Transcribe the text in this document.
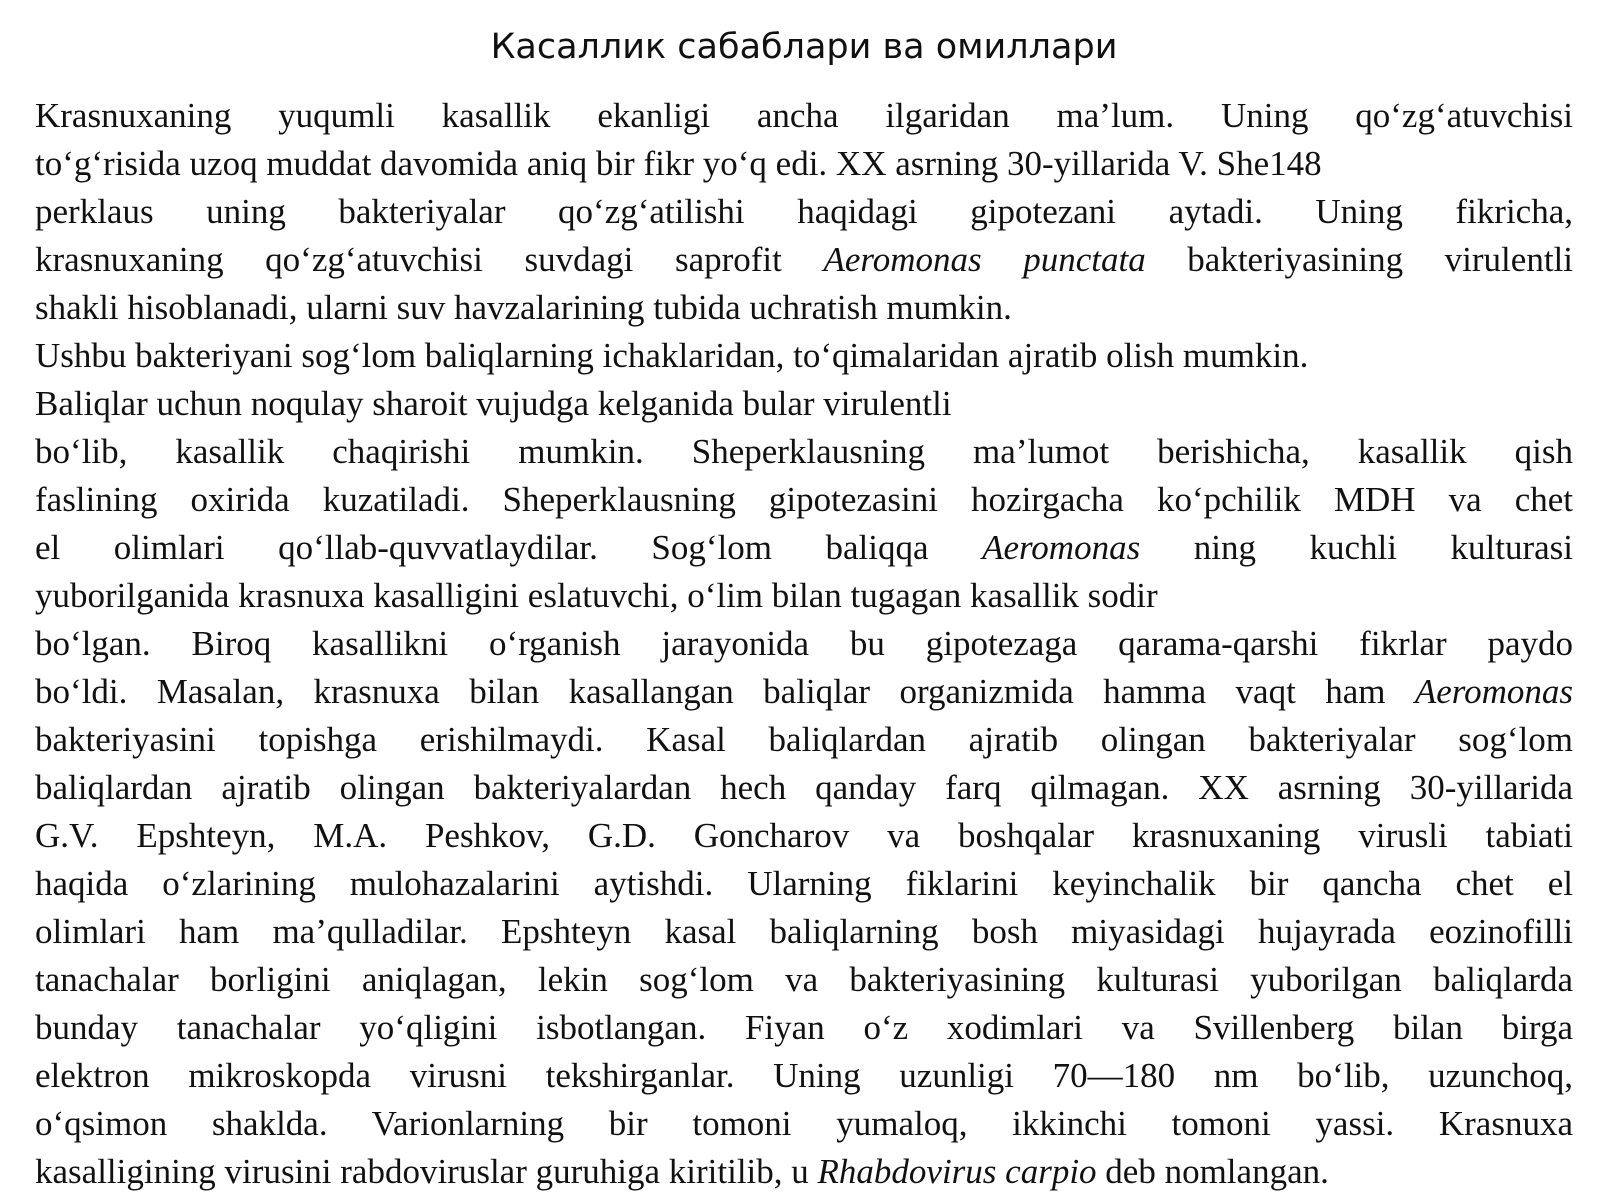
Касаллик сабаблари ва омиллари
Krasnuxaning yuqumli kasallik ekanligi ancha ilgaridan ma’lum. Uning qo‘zg‘atuvchisi
to‘g‘risida uzoq muddat davomida aniq bir fikr yo‘q edi. XX asrning 30-yillarida V. She148
perklaus uning bakteriyalar qo‘zg‘atilishi haqidagi gipotezani aytadi. Uning fikricha,
krasnuxaning qo‘zg‘atuvchisi suvdagi saprofit Aeromonas punctata bakteriyasining virulentli
shakli hisoblanadi, ularni suv havzalarining tubida uchratish mumkin.
Ushbu bakteriyani sog‘lom baliqlarning ichaklaridan, to‘qimalaridan ajratib olish mumkin.
Baliqlar uchun noqulay sharoit vujudga kelganida bular virulentli
bo‘lib, kasallik chaqirishi mumkin. Sheperklausning ma’lumot berishicha, kasallik qish
faslining oxirida kuzatiladi. Sheperklausning gipotezasini hozirgacha ko‘pchilik MDH va chet
el olimlari qo‘llab-quvvatlaydilar. Sog‘lom baliqqa Aeromonas ning kuchli kulturasi
yuborilganida krasnuxa kasalligini eslatuvchi, o‘lim bilan tugagan kasallik sodir
bo‘lgan. Biroq kasallikni o‘rganish jarayonida bu gipotezaga qarama-qarshi fikrlar paydo
bo‘ldi. Masalan, krasnuxa bilan kasallangan baliqlar organizmida hamma vaqt ham Aeromonas
bakteriyasini topishga erishilmaydi. Kasal baliqlardan ajratib olingan bakteriyalar sog‘lom
baliqlardan ajratib olingan bakteriyalardan hech qanday farq qilmagan. XX asrning 30-yillarida
G.V. Epshteyn, M.A. Peshkov, G.D. Goncharov va boshqalar krasnuxaning virusli tabiati
haqida o‘zlarining mulohazalarini aytishdi. Ularning fiklarini keyinchalik bir qancha chet el
olimlari ham ma’qulladilar. Epshteyn kasal baliqlarning bosh miyasidagi hujayrada eozinofilli
tanachalar borligini aniqlagan, lekin sog‘lom va bakteriyasining kulturasi yuborilgan baliqlarda
bunday tanachalar yo‘qligini isbotlangan. Fiyan o‘z xodimlari va Svillenberg bilan birga
elektron mikroskopda virusni tekshirganlar. Uning uzunligi 70—180 nm bo‘lib, uzunchoq,
o‘qsimon shaklda. Varionlarning bir tomoni yumaloq, ikkinchi tomoni yassi. Krasnuxa
kasalligining virusini rabdoviruslar guruhiga kiritilib, u Rhabdovirus carpio deb nomlangan.
